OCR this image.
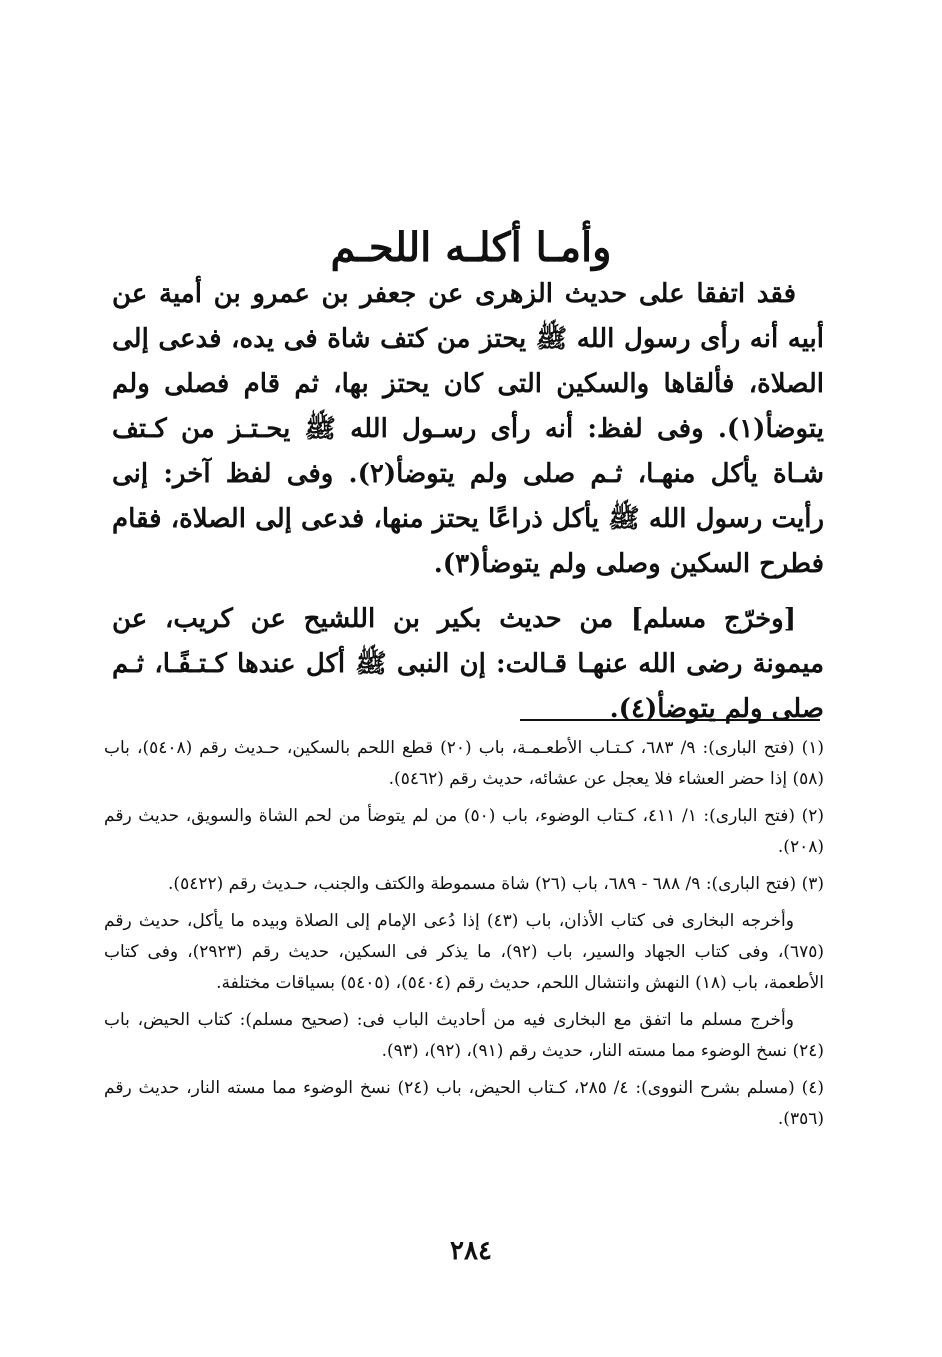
وأمـا أكلـه اللحـم

فقد اتفقا على حديث الزهرى عن جعفر بن عمرو بن أمية عن أبيه أنه رأى رسول الله ﷺ يحتز من كتف شاة فى يده، فدعى إلى الصلاة، فألقاها والسكين التى كان يحتز بها، ثم قام فصلى ولم يتوضأ(١). وفى لفظ: أنه رأى رسـول الله ﷺ يحـتـز من كـتف شـاة يأكل منهـا، ثـم صلى ولم يتوضأ(٢). وفى لفظ آخر: إنى رأيت رسول الله ﷺ يأكل ذراعًا يحتز منها، فدعى إلى الصلاة، فقام فطرح السكين وصلى ولم يتوضأ(٣).

[وخرّج مسلم] من حديث بكير بن اللشيح عن كريب، عن ميمونة رضى الله عنهـا قـالت: إن النبى ﷺ أكل عندها كـتـفًـا، ثـم صلى ولم يتوضأ(٤).

(١) (فتح البارى): ٩/ ٦٨٣، كـتـاب الأطعـمـة، باب (٢٠) قطع اللحم بالسكين، حـديث رقم (٥٤٠٨)، باب (٥٨) إذا حضر العشاء فلا يعجل عن عشائه، حديث رقم (٥٤٦٢).

(٢) (فتح البارى): ١/ ٤١١، كـتاب الوضوء، باب (٥٠) من لم يتوضأ من لحم الشاة والسويق، حديث رقم (٢٠٨).

(٣) (فتح البارى): ٩/ ٦٨٨ - ٦٨٩، باب (٢٦) شاة مسموطة والكتف والجنب، حـديث رقم (٥٤٢٢).

وأخرجه البخارى فى كتاب الأذان، باب (٤٣) إذا دُعى الإمام إلى الصلاة وبيده ما يأكل، حديث رقم (٦٧٥)، وفى كتاب الجهاد والسير، باب (٩٢)، ما يذكر فى السكين، حديث رقم (٢٩٢٣)، وفى كتاب الأطعمة، باب (١٨) النهش وانتشال اللحم، حديث رقم (٥٤٠٤)، (٥٤٠٥) بسياقات مختلفة.

وأخرج مسلم ما اتفق مع البخارى فيه من أحاديث الباب فى: (صحيح مسلم): كتاب الحيض، باب (٢٤) نسخ الوضوء مما مسته النار، حديث رقم (٩١)، (٩٢)، (٩٣).

(٤) (مسلم بشرح النووى): ٤/ ٢٨٥، كـتاب الحيض، باب (٢٤) نسخ الوضوء مما مسته النار، حديث رقم (٣٥٦).

٢٨٤
